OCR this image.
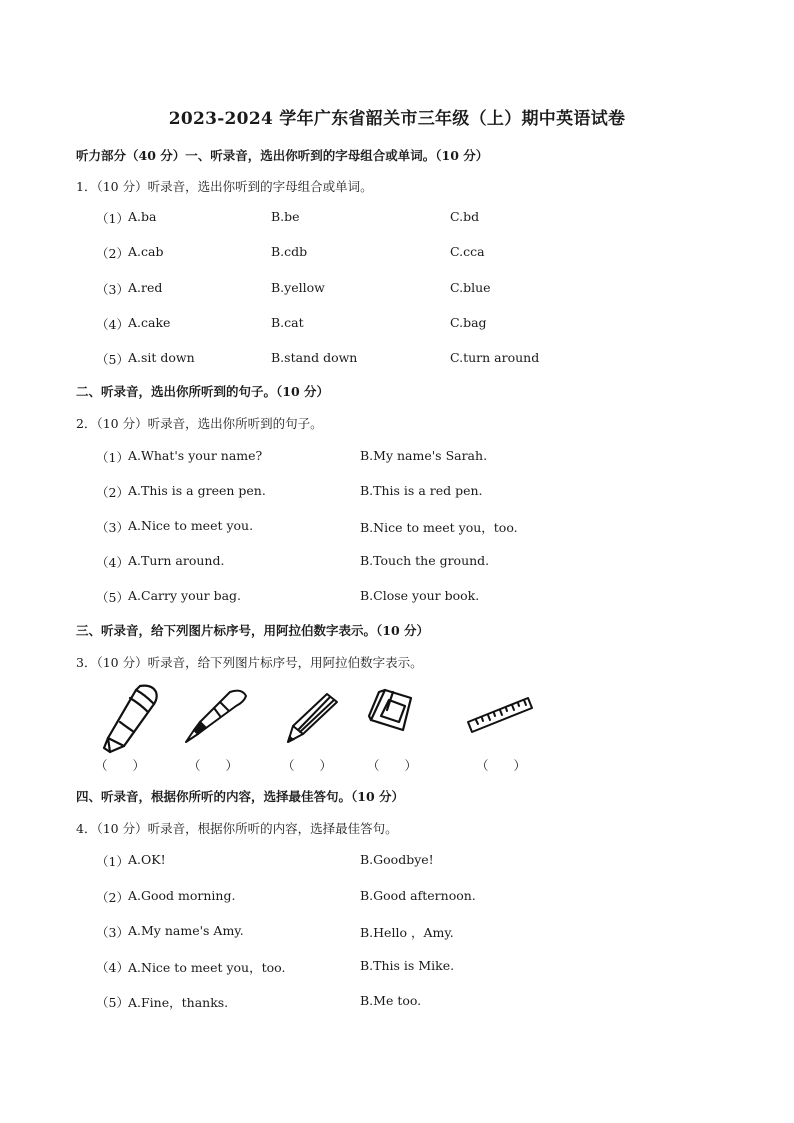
2023-2024 学年广东省韶关市三年级（上）期中英语试卷
听力部分（40 分）一、听录音，选出你听到的字母组合或单词。（10 分）
1．（10 分）听录音，选出你听到的字母组合或单词。
（1） A.ba	B.be	C.bd
（2） A.cab	B.cdb	C.cca
（3） A.red	B.yellow	C.blue
（4） A.cake	B.cat	C.bag
（5） A.sit down	B.stand down	C.turn around
二、听录音，选出你所听到的句子。（10 分）
2．（10 分）听录音，选出你所听到的句子。
（1） A.What's your name?	B.My name's Sarah.
（2） A.This is a green pen.	B.This is a red pen.
（3） A.Nice to meet you.	B.Nice to meet you，too.
（4） A.Turn around.	B.Touch the ground.
（5） A.Carry your bag.	B.Close your book.
三、听录音，给下列图片标序号，用阿拉伯数字表示。（10 分）
3．（10 分）听录音，给下列图片标序号，用阿拉伯数字表示。
（　　）	（　　）	（　　）	（　　）	（　　）
四、听录音，根据你所听的内容，选择最佳答句。（10 分）
4．（10 分）听录音，根据你所听的内容，选择最佳答句。
（1） A.OK!	B.Goodbye!
（2） A.Good morning.	B.Good afternoon.
（3） A.My name's Amy.	B.Hello ，Amy.
（4） A.Nice to meet you，too.	B.This is Mike.
（5） A.Fine，thanks.	B.Me too.
